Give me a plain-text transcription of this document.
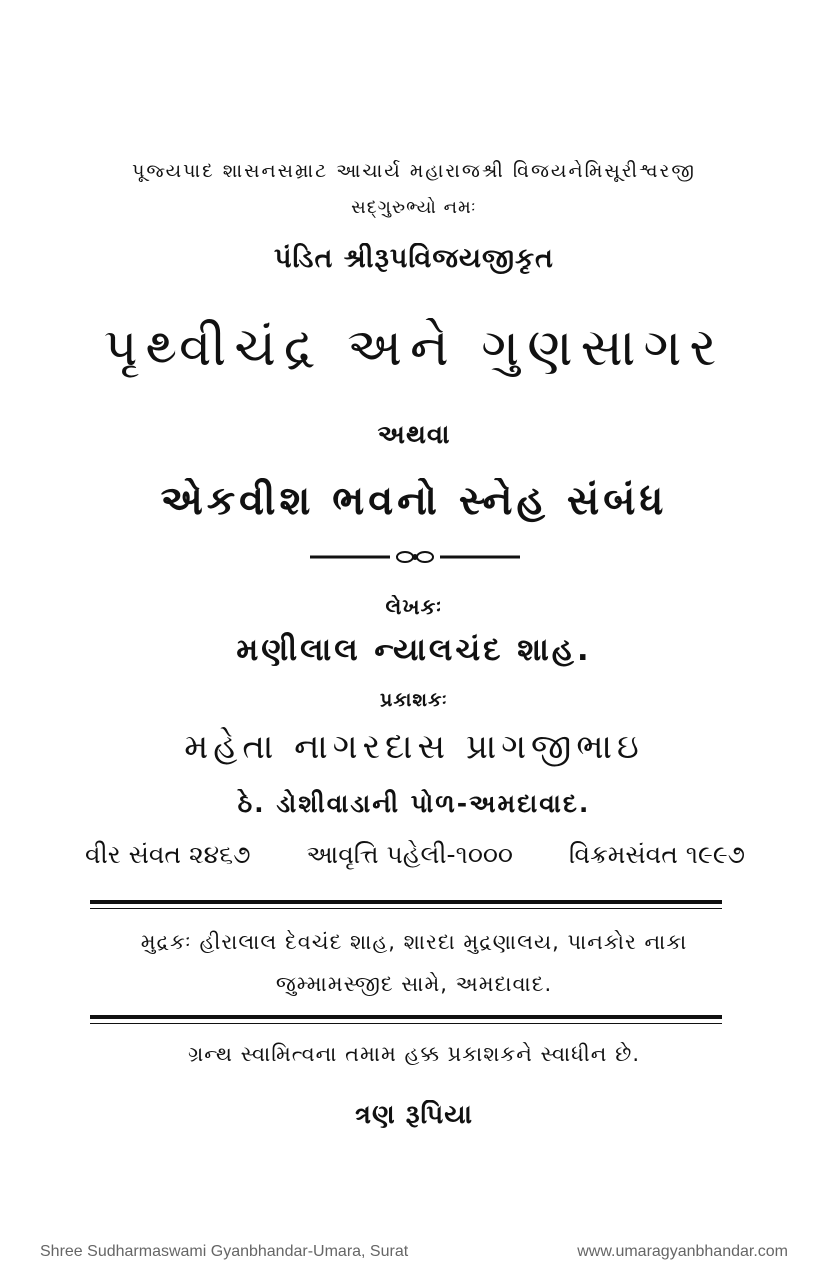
પૂજ્યપાદ શાસનસમ્રાટ આચાર્ય મહારાજશ્રી વિજયનેમિસૂરીશ્વરજી
સદ્ગુરુભ્યો નમઃ
પંડિત શ્રીરૂપવિજયજીકૃત
પૃથ્વીચંદ્ર અને ગુણસાગર
અથવા
એકવીશ ભવનો સ્નેહ સંબંધ
લેખકઃ
મણીલાલ ન્યાલચંદ શાહ.
પ્રકાશકઃ
મહેતા નાગરદાસ પ્રાગજીભાઇ
ઠે. ડોશીવાડાની પોળ-અમદાવાદ.
વીર સંવત ૨૪૬૭ આવૃત્તિ પહેલી-૧૦૦૦ વિક્રમસંવત ૧૯૯૭
મુદ્રકઃ હીરાલાલ દેવચંદ શાહ, શારદા મુદ્રણાલય, પાનકોર નાકા
જુમ્મામસ્જીદ સામે, અમદાવાદ.
ગ્રન્થ સ્વામિત્વના તમામ હક્ક પ્રકાશકને સ્વાધીન છે.
ત્રણ રૂપિયા
Shree Sudharmaswami Gyanbhandar-Umara, Surat	www.umaragyanbhandar.com
